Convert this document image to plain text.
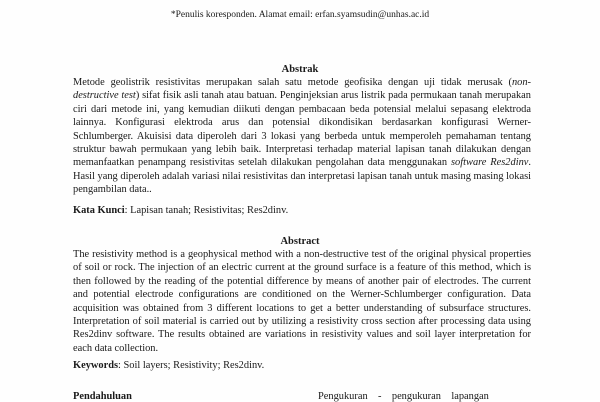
*Penulis koresponden. Alamat email: erfan.syamsudin@unhas.ac.id
Abstrak
Metode geolistrik resistivitas merupakan salah satu metode geofisika dengan uji tidak merusak (non-destructive test) sifat fisik asli tanah atau batuan. Penginjeksian arus listrik pada permukaan tanah merupakan ciri dari metode ini, yang kemudian diikuti dengan pembacaan beda potensial melalui sepasang elektroda lainnya. Konfigurasi elektroda arus dan potensial dikondisikan berdasarkan konfigurasi Werner-Schlumberger. Akuisisi data diperoleh dari 3 lokasi yang berbeda untuk memperoleh pemahaman tentang struktur bawah permukaan yang lebih baik. Interpretasi terhadap material lapisan tanah dilakukan dengan memanfaatkan penampang resistivitas setelah dilakukan pengolahan data menggunakan software Res2dinv. Hasil yang diperoleh adalah variasi nilai resistivitas dan interpretasi lapisan tanah untuk masing masing lokasi pengambilan data..
Kata Kunci: Lapisan tanah; Resistivitas; Res2dinv.
Abstract
The resistivity method is a geophysical method with a non-destructive test of the original physical properties of soil or rock. The injection of an electric current at the ground surface is a feature of this method, which is then followed by the reading of the potential difference by means of another pair of electrodes. The current and potential electrode configurations are conditioned on the Werner-Schlumberger configuration. Data acquisition was obtained from 3 different locations to get a better understanding of subsurface structures. Interpretation of soil material is carried out by utilizing a resistivity cross section after processing data using Res2dinv software. The results obtained are variations in resistivity values and soil layer interpretation for each data collection.
Keywords: Soil layers; Resistivity; Res2dinv.
Pendahuluan	Pengukuran    -    pengukuran    lapangan
